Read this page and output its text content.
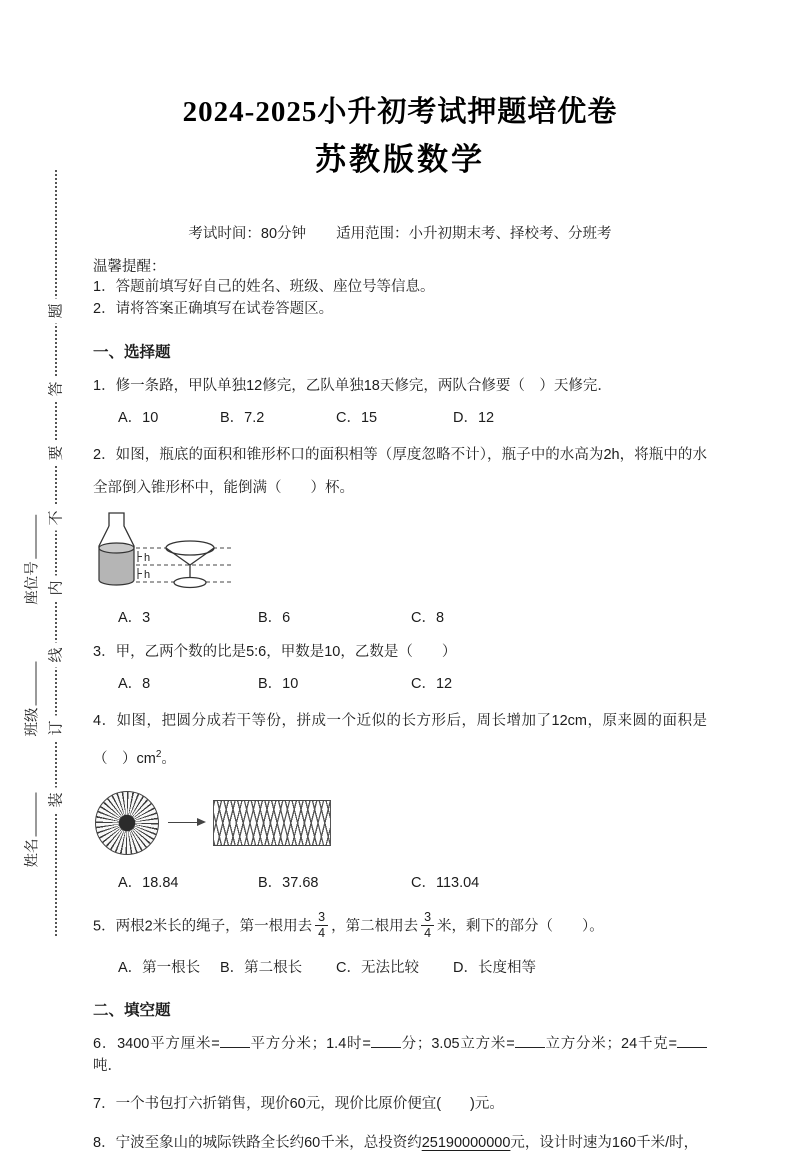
题
答
要
不
内
线
订
装
座位号
班级
姓名
2024-2025小升初考试押题培优卷
苏教版数学
考试时间：80分钟 适用范围：小升初期末考、择校考、分班考
温馨提醒：
1．答题前填写好自己的姓名、班级、座位号等信息。
2．请将答案正确填写在试卷答题区。
一、选择题
1．修一条路，甲队单独12修完，乙队单独18天修完，两队合修要（　）天修完．
A．10	B．7.2	C．15	D．12
2．如图，瓶底的面积和锥形杯口的面积相等（厚度忽略不计），瓶子中的水高为2h，将瓶中的水全部倒入锥形杯中，能倒满（　　）杯。
h
h
A．3	B．6	C．8
3．甲，乙两个数的比是5:6，甲数是10，乙数是（　　）
A．8	B．10	C．12
4．如图，把圆分成若干等份，拼成一个近似的长方形后，周长增加了12cm，原来圆的面积是（　）$cm^2$。
A．18.84	B．37.68	C．113.04
5．两根2米长的绳子，第一根用去 $\frac{3}{4}$ ，第二根用去 $\frac{3}{4}$ 米，剩下的部分（　　）。
A．第一根长	B．第二根长	C．无法比较	D．长度相等
二、填空题
6．3400平方厘米= 平方分米；1.4时= 分；3.05立方米= 立方分米；24千克=吨．
7．一个书包打六折销售，现价60元，现价比原价便宜(　　)元。
8．宁波至象山的城际铁路全长约60千米，总投资约25190000000元，设计时速为160千米/时，
